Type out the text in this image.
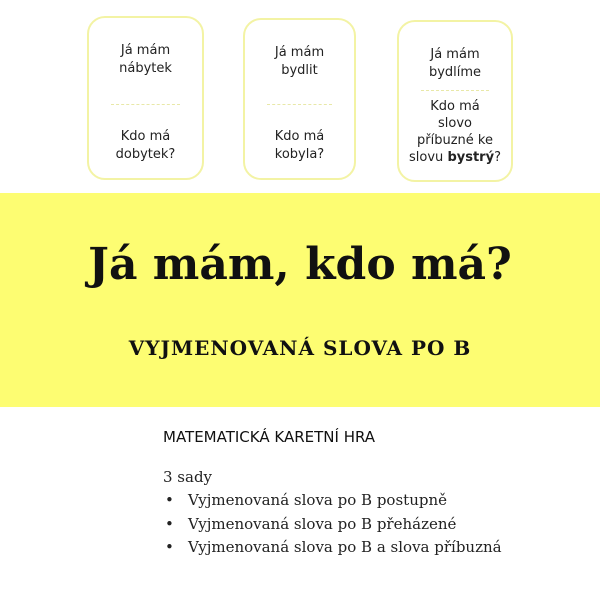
Já mám
nábytek
Kdo má
dobytek?
Já mám
bydlit
Kdo má
kobyla?
Já mám
bydlíme
Kdo má
slovo
příbuzné ke
slovu bystrý?
Já mám, kdo má?
VYJMENOVANÁ SLOVA PO B
MATEMATICKÁ KARETNÍ HRA
3 sady
• Vyjmenovaná slova po B postupně
• Vyjmenovaná slova po B přeházené
• Vyjmenovaná slova po B a slova příbuzná
